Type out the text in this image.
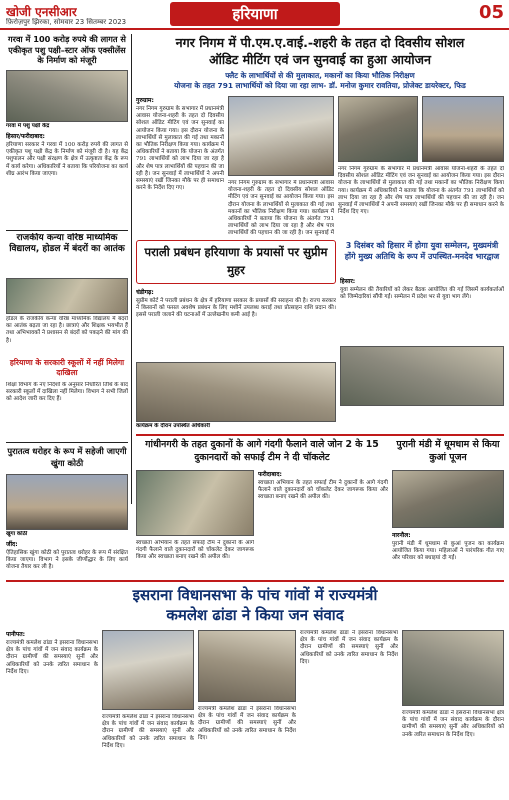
खोजी एनसीआर
फ़िरोज़पुर झिरका, सोमवार 23 सितम्बर 2023	हरियाणा	05
गरवा में 100 करोड़ रुपये की लागत से एकीकृत पशु पक्षी–स्टार ऑफ एक्सीलेंस के निर्माण को मंजूरी
गरवा में पशु पक्षी केंद्र
हिसार/फरीदाबाद:

हरियाणा सरकार ने गरवा में 100 करोड़ रुपये की लागत से एकीकृत पशु पक्षी केंद्र के निर्माण को मंजूरी दी है। यह केंद्र पशुपालन और पक्षी संरक्षण के क्षेत्र में उत्कृष्टता केंद्र के रूप में कार्य करेगा। अधिकारियों ने बताया कि परियोजना का कार्य शीघ्र आरंभ किया जाएगा।

राजकीय कन्या वरिष्ठ माध्यमिक विद्यालय, होडल में बंदरों का आतंक
होडल के राजकीय कन्या वरिष्ठ माध्यमिक विद्यालय में बंदरों का आतंक बढ़ता जा रहा है। छात्राएं और शिक्षक भयभीत हैं तथा अभिभावकों ने प्रशासन से बंदरों को पकड़ने की मांग की है।
हरियाणा के सरकारी स्कूलों में नहीं मिलेगा दाखिला
शिक्षा विभाग के नए निर्देशों के अनुसार निर्धारित तिथि के बाद सरकारी स्कूलों में दाखिला नहीं मिलेगा। विभाग ने सभी जिलों को आदेश जारी कर दिए हैं।
नगर निगम में पी.एम.ए.वाई.-शहरी के तहत दो दिवसीय सोशल
ऑडिट मीटिंग एवं जन सुनवाई का हुआ आयोजन
फ्लैट के लाभार्थियों से की मुलाकात, मकानों का किया भौतिक निरीक्षण
योजना के तहत 791 लाभार्थियों को दिया जा रहा लाभ- डॉ. मनोज कुमार रावतिया, प्रोजेक्ट डायरेक्टर, फिड
गुरुग्राम:

नगर निगम गुरुग्राम के सभागार में प्रधानमंत्री आवास योजना-शहरी के तहत दो दिवसीय सोशल ऑडिट मीटिंग एवं जन सुनवाई का आयोजन किया गया। इस दौरान योजना के लाभार्थियों से मुलाकात की गई तथा मकानों का भौतिक निरीक्षण किया गया। कार्यक्रम में अधिकारियों ने बताया कि योजना के अंतर्गत 791 लाभार्थियों को लाभ दिया जा रहा है और शेष पात्र लाभार्थियों की पहचान की जा रही है। जन सुनवाई में लाभार्थियों ने अपनी समस्याएं रखीं जिनका मौके पर ही समाधान करने के निर्देश दिए गए।

नगर निगम गुरुग्राम के सभागार में प्रधानमंत्री आवास योजना-शहरी के तहत दो दिवसीय सोशल ऑडिट मीटिंग एवं जन सुनवाई का आयोजन किया गया। इस दौरान योजना के लाभार्थियों से मुलाकात की गई तथा मकानों का भौतिक निरीक्षण किया गया। कार्यक्रम में अधिकारियों ने बताया कि योजना के अंतर्गत 791 लाभार्थियों को लाभ दिया जा रहा है और शेष पात्र लाभार्थियों की पहचान की जा रही है। जन सुनवाई में
नगर निगम गुरुग्राम के सभागार में प्रधानमंत्री आवास योजना-शहरी के तहत दो दिवसीय सोशल ऑडिट मीटिंग एवं जन सुनवाई का आयोजन किया गया। इस दौरान योजना के लाभार्थियों से मुलाकात की गई तथा मकानों का भौतिक निरीक्षण किया गया। कार्यक्रम में अधिकारियों ने बताया कि योजना के अंतर्गत 791 लाभार्थियों को लाभ दिया जा रहा है और शेष पात्र लाभार्थियों की पहचान की जा रही है। जन सुनवाई में लाभार्थियों ने अपनी समस्याएं रखीं जिनका मौके पर ही समाधान करने के निर्देश दिए गए।
पराली प्रबंधन हरियाणा के प्रयासों पर सुप्रीम मुहर
चंडीगढ़:

सुप्रीम कोर्ट ने पराली प्रबंधन के क्षेत्र में हरियाणा सरकार के प्रयासों की सराहना की है। राज्य सरकार ने किसानों को फसल अवशेष प्रबंधन के लिए मशीनें उपलब्ध कराईं तथा प्रोत्साहन राशि प्रदान की। इससे पराली जलाने की घटनाओं में उल्लेखनीय कमी आई है।

कार्यक्रम के दौरान उपस्थित अधिकारी
3 दिसंबर को हिसार में होगा युवा सम्मेलन, मुख्यमंत्री होंगे मुख्य अतिथि के रूप में उपस्थित-मनदेव भारद्वाज
हिसार:

युवा सम्मेलन की तैयारियों को लेकर बैठक आयोजित की गई जिसमें कार्यकर्ताओं को जिम्मेदारियां सौंपी गईं। सम्मेलन में प्रदेश भर से युवा भाग लेंगे।

गांधीनगरी के तहत दुकानों के आगे गंदगी फैलाने वाले जोन 2 के 15 दुकानदारों को सफाई टीम ने दी चॉकलेट
फरीदाबाद:

स्वच्छता अभियान के तहत सफाई टीम ने दुकानों के आगे गंदगी फैलाने वाले दुकानदारों को चॉकलेट देकर जागरूक किया और स्वच्छता बनाए रखने की अपील की।

स्वच्छता अभियान के तहत सफाई टीम ने दुकानों के आगे गंदगी फैलाने वाले दुकानदारों को चॉकलेट देकर जागरूक किया और स्वच्छता बनाए रखने की अपील की।
पुरानी मंडी में धूमधाम से किया कुआं पूजन
नारनौल:

पुरानी मंडी में धूमधाम से कुआं पूजन का कार्यक्रम आयोजित किया गया। महिलाओं ने पारंपरिक गीत गाए और परिवार को बधाइयां दी गईं।

पुरातत्व धरोहर के रूप में सहेजी जाएगी खुंगा कोठी
खुंगा कोठी
जींद:

ऐतिहासिक खुंगा कोठी को पुरातत्व धरोहर के रूप में संरक्षित किया जाएगा। विभाग ने इसके जीर्णोद्धार के लिए कार्य योजना तैयार कर ली है।

इसराना विधानसभा के पांच गांवों में राज्यमंत्री
कमलेश ढांडा ने किया जन संवाद
पानीपत:

राज्यमंत्री कमलेश ढांडा ने इसराना विधानसभा क्षेत्र के पांच गांवों में जन संवाद कार्यक्रम के दौरान ग्रामीणों की समस्याएं सुनीं और अधिकारियों को उनके त्वरित समाधान के निर्देश दिए।

राज्यमंत्री कमलेश ढांडा ने इसराना विधानसभा क्षेत्र के पांच गांवों में जन संवाद कार्यक्रम के दौरान ग्रामीणों की समस्याएं सुनीं और अधिकारियों को उनके त्वरित समाधान के निर्देश दिए।
राज्यमंत्री कमलेश ढांडा ने इसराना विधानसभा क्षेत्र के पांच गांवों में जन संवाद कार्यक्रम के दौरान ग्रामीणों की समस्याएं सुनीं और अधिकारियों को उनके त्वरित समाधान के निर्देश दिए।
राज्यमंत्री कमलेश ढांडा ने इसराना विधानसभा क्षेत्र के पांच गांवों में जन संवाद कार्यक्रम के दौरान ग्रामीणों की समस्याएं सुनीं और अधिकारियों को उनके त्वरित समाधान के निर्देश दिए।
राज्यमंत्री कमलेश ढांडा ने इसराना विधानसभा क्षेत्र के पांच गांवों में जन संवाद कार्यक्रम के दौरान ग्रामीणों की समस्याएं सुनीं और अधिकारियों को उनके त्वरित समाधान के निर्देश दिए।
